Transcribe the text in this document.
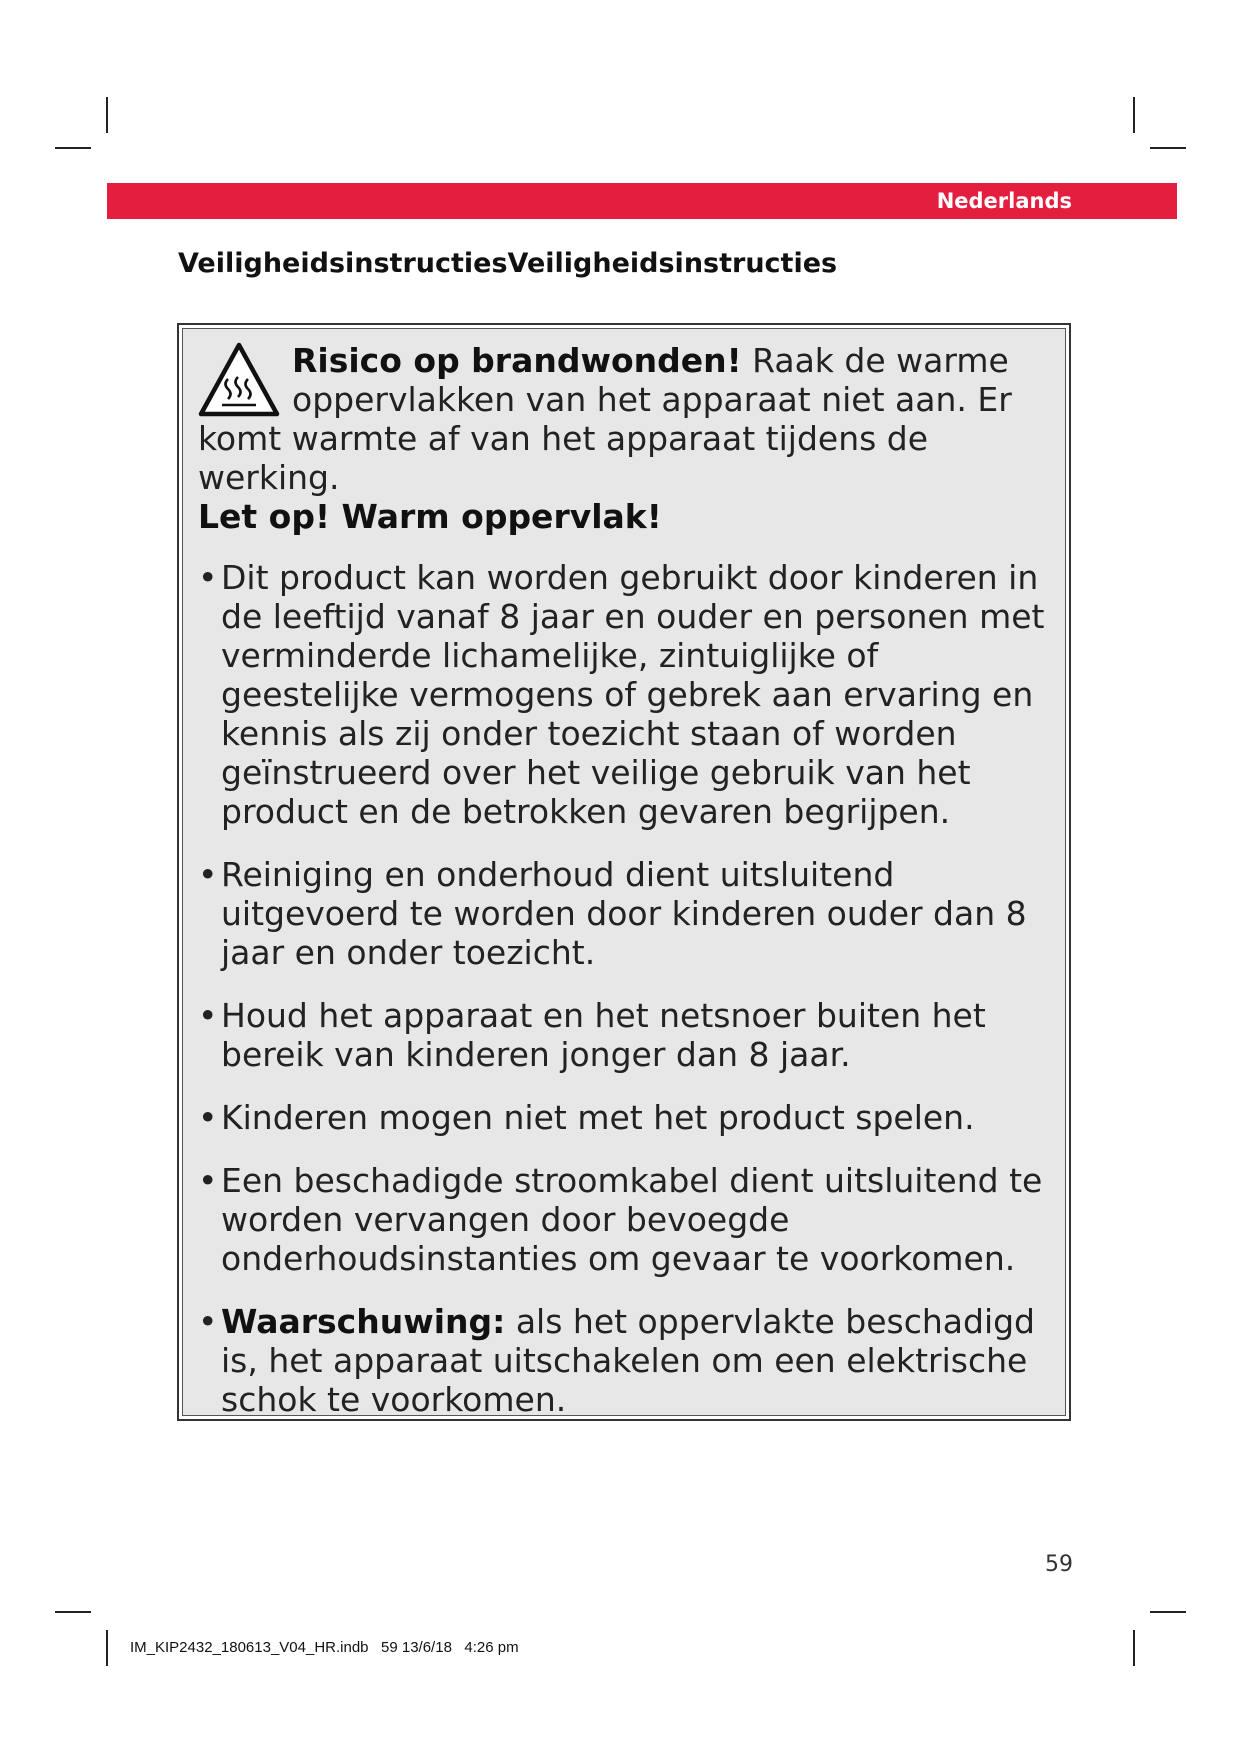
Nederlands
VeiligheidsinstructiesVeiligheidsinstructies

Risico op brandwonden! Raak de warme oppervlakken van het apparaat niet aan. Er komt warmte af van het apparaat tijdens de werking.
Let op! Warm oppervlak!

• Dit product kan worden gebruikt door kinderen in de leeftijd vanaf 8 jaar en ouder en personen met verminderde lichamelijke, zintuiglijke of geestelijke vermogens of gebrek aan ervaring en kennis als zij onder toezicht staan of worden geïnstrueerd over het veilige gebruik van het product en de betrokken gevaren begrijpen.
• Reiniging en onderhoud dient uitsluitend uitgevoerd te worden door kinderen ouder dan 8 jaar en onder toezicht.
• Houd het apparaat en het netsnoer buiten het bereik van kinderen jonger dan 8 jaar.
• Kinderen mogen niet met het product spelen.
• Een beschadigde stroomkabel dient uitsluitend te worden vervangen door bevoegde onderhoudsinstanties om gevaar te voorkomen.
• Waarschuwing: als het oppervlakte beschadigd is, het apparaat uitschakelen om een elektrische schok te voorkomen.
59
IM_KIP2432_180613_V04_HR.indb   59 13/6/18   4:26 pm
